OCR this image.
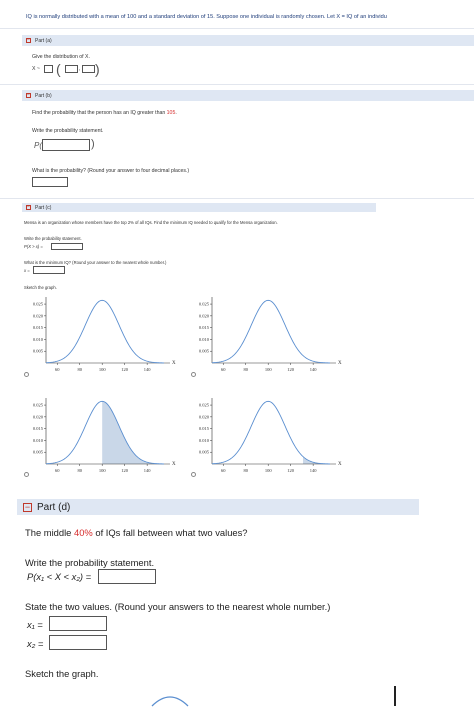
IQ is normally distributed with a mean of 100 and a standard deviation of 15. Suppose one individual is randomly chosen. Let X = IQ of an individu
− Part (a)
Give the distribution of X.
X ~ (	, )
− Part (b)
Find the probability that the person has an IQ greater than 105.
Write the probability statement.
P(	)
What is the probability? (Round your answer to four decimal places.)
− Part (c)
Mensa is an organization whose members have the top 2% of all IQs. Find the minimum IQ needed to qualify for the Mensa organization.
Write the probability statement.
P(X > x) =
What is the minimum IQ? (Round your answer to the nearest whole number.)
x =
Sketch the graph.
0.025
0.020
0.015
0.010
0.005
60	80	100	120	140
X
0.025
0.020
0.015
0.010
0.005
60	80	100	120	140
X
0.025
0.020
0.015
0.010
0.005
60	80	100	120	140
X
0.025
0.020
0.015
0.010
0.005
60	80	100	120	140
X
− Part (d)
The middle 40% of IQs fall between what two values?
Write the probability statement.
P(x₁ < X < x₂) =
State the two values. (Round your answers to the nearest whole number.)
x₁ =
x₂ =
Sketch the graph.
